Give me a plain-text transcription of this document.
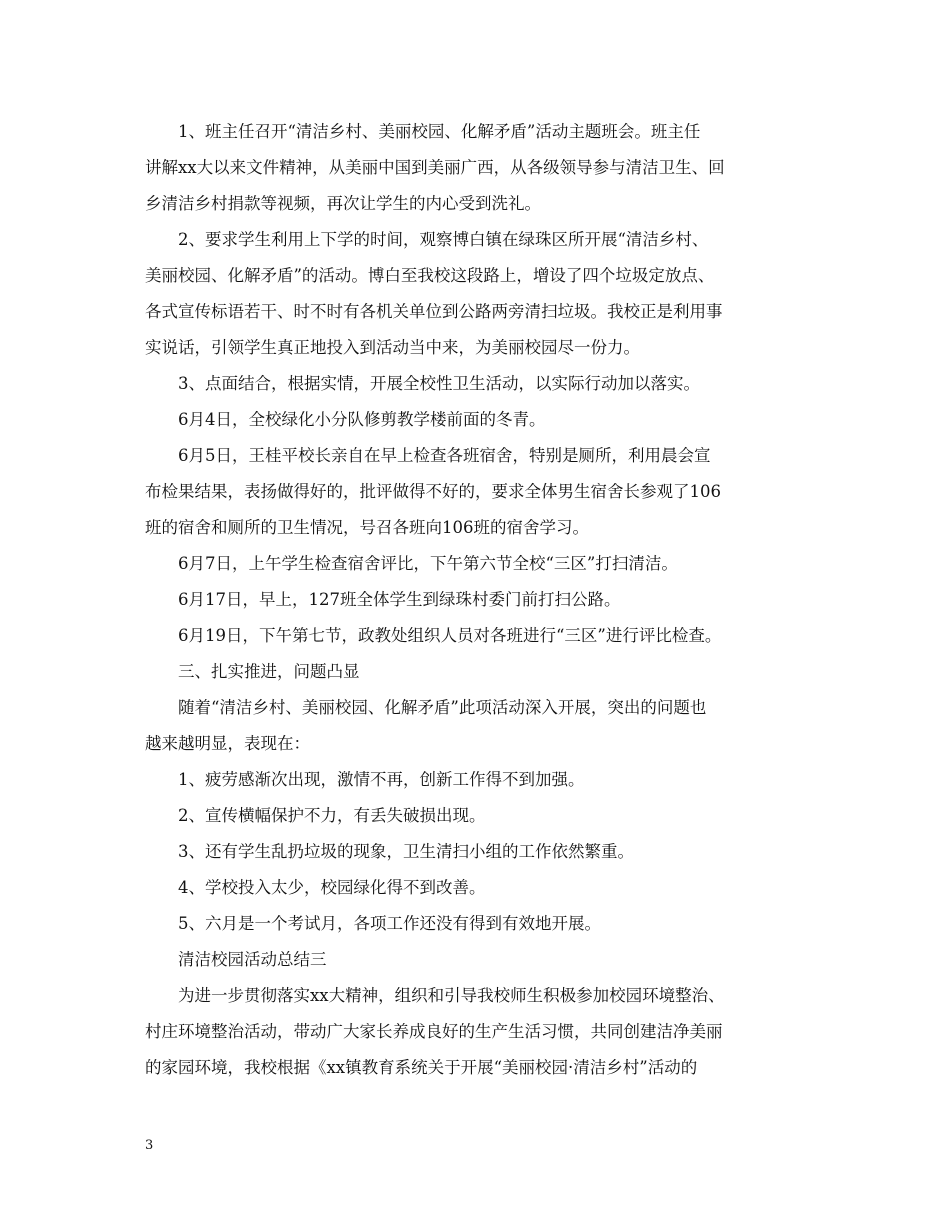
1、班主任召开“清洁乡村、美丽校园、化解矛盾”活动主题班会。班主任
讲解xx大以来文件精神，从美丽中国到美丽广西，从各级领导参与清洁卫生、回
乡清洁乡村捐款等视频，再次让学生的内心受到洗礼。
2、要求学生利用上下学的时间，观察博白镇在绿珠区所开展“清洁乡村、
美丽校园、化解矛盾”的活动。博白至我校这段路上，增设了四个垃圾定放点、
各式宣传标语若干、时不时有各机关单位到公路两旁清扫垃圾。我校正是利用事
实说话，引领学生真正地投入到活动当中来，为美丽校园尽一份力。
3、点面结合，根据实情，开展全校性卫生活动，以实际行动加以落实。
6月4日，全校绿化小分队修剪教学楼前面的冬青。
6月5日，王桂平校长亲自在早上检查各班宿舍，特别是厕所，利用晨会宣
布检果结果，表扬做得好的，批评做得不好的，要求全体男生宿舍长参观了106
班的宿舍和厕所的卫生情况，号召各班向106班的宿舍学习。
6月7日，上午学生检查宿舍评比，下午第六节全校“三区”打扫清洁。
6月17日，早上，127班全体学生到绿珠村委门前打扫公路。
6月19日，下午第七节，政教处组织人员对各班进行“三区”进行评比检查。
三、扎实推进，问题凸显
随着“清洁乡村、美丽校园、化解矛盾”此项活动深入开展，突出的问题也
越来越明显，表现在：
1、疲劳感渐次出现，激情不再，创新工作得不到加强。
2、宣传横幅保护不力，有丢失破损出现。
3、还有学生乱扔垃圾的现象，卫生清扫小组的工作依然繁重。
4、学校投入太少，校园绿化得不到改善。
5、六月是一个考试月，各项工作还没有得到有效地开展。
清洁校园活动总结三
为进一步贯彻落实xx大精神，组织和引导我校师生积极参加校园环境整治、
村庄环境整治活动，带动广大家长养成良好的生产生活习惯，共同创建洁净美丽
的家园环境，我校根据《xx镇教育系统关于开展“美丽校园·清洁乡村”活动的
3
